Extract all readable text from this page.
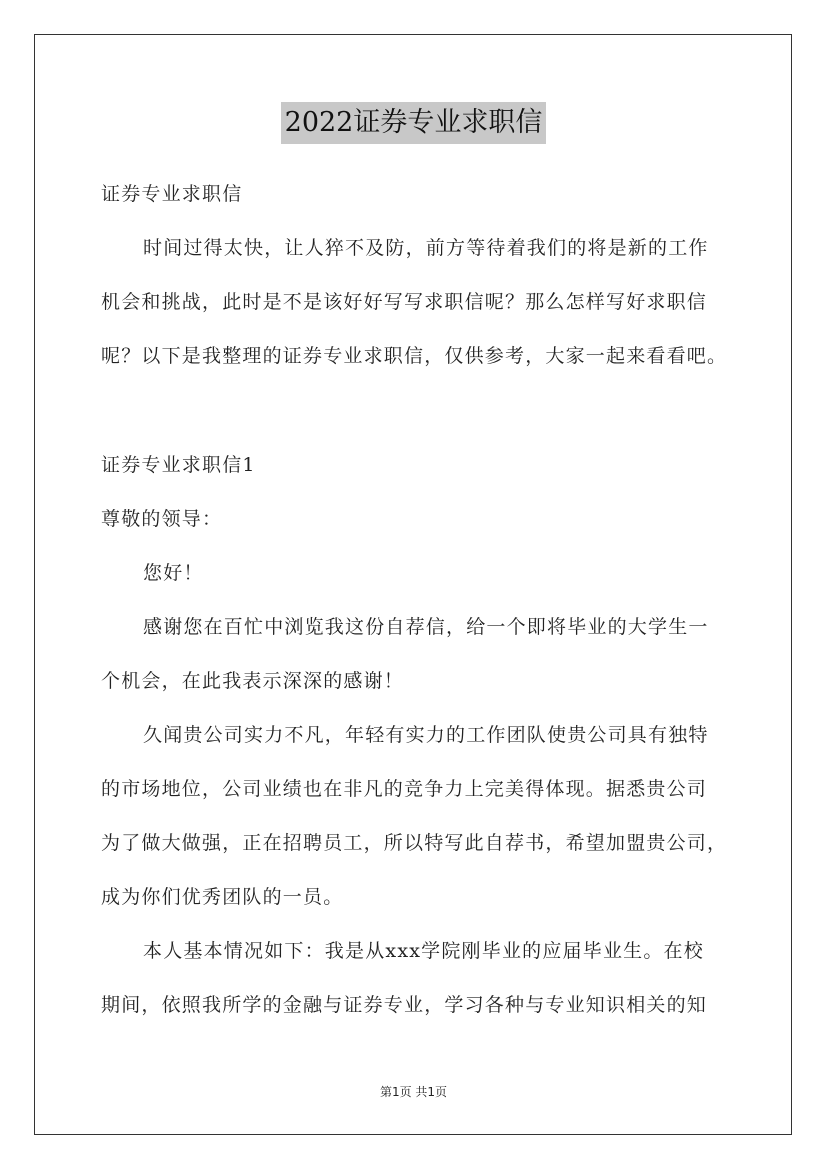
2022证券专业求职信
证券专业求职信
时间过得太快，让人猝不及防，前方等待着我们的将是新的工作
机会和挑战，此时是不是该好好写写求职信呢？那么怎样写好求职信
呢？以下是我整理的证券专业求职信，仅供参考，大家一起来看看吧。
证券专业求职信1
尊敬的领导：
您好！
感谢您在百忙中浏览我这份自荐信，给一个即将毕业的大学生一
个机会，在此我表示深深的感谢！
久闻贵公司实力不凡，年轻有实力的工作团队使贵公司具有独特
的市场地位，公司业绩也在非凡的竞争力上完美得体现。据悉贵公司
为了做大做强，正在招聘员工，所以特写此自荐书，希望加盟贵公司，
成为你们优秀团队的一员。
本人基本情况如下：我是从xxx学院刚毕业的应届毕业生。在校
期间，依照我所学的金融与证券专业，学习各种与专业知识相关的知
第1页 共1页
